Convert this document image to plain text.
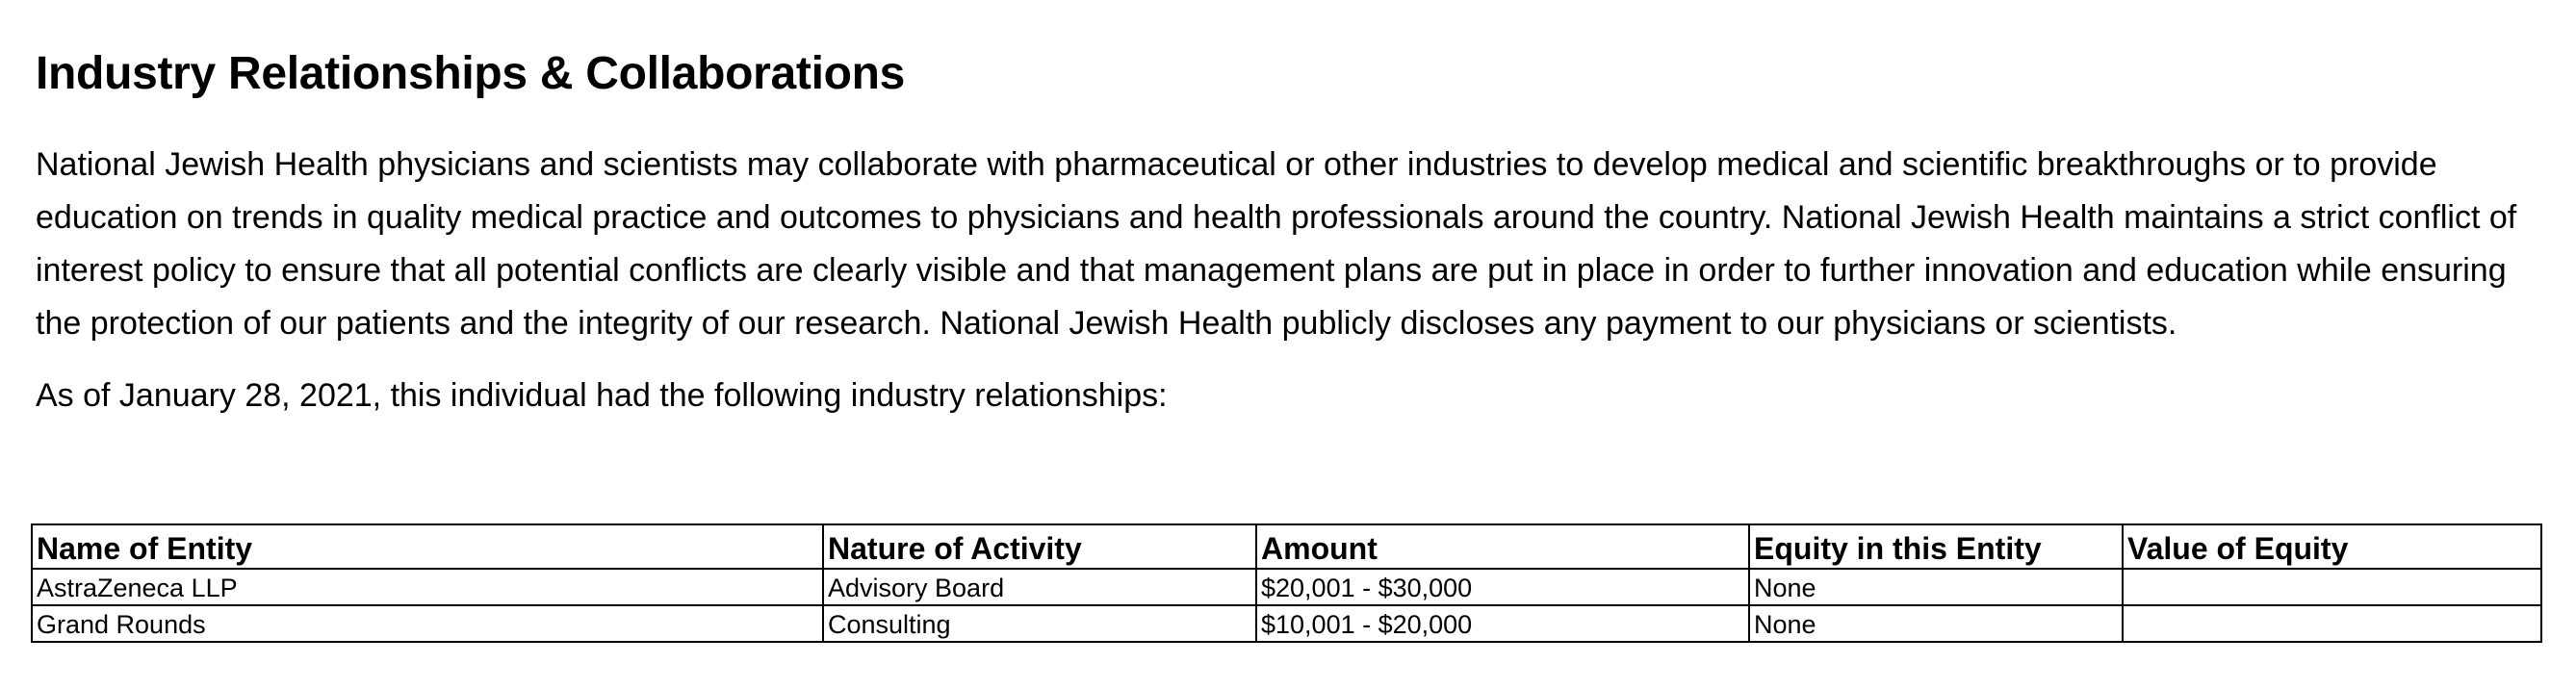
Industry Relationships & Collaborations

National Jewish Health physicians and scientists may collaborate with pharmaceutical or other industries to develop medical and scientific breakthroughs or to provide education on trends in quality medical practice and outcomes to physicians and health professionals around the country. National Jewish Health maintains a strict conflict of interest policy to ensure that all potential conflicts are clearly visible and that management plans are put in place in order to further innovation and education while ensuring the protection of our patients and the integrity of our research. National Jewish Health publicly discloses any payment to our physicians or scientists.

As of January 28, 2021, this individual had the following industry relationships:

Name of Entity	Nature of Activity	Amount	Equity in this Entity	Value of Equity
AstraZeneca LLP	Advisory Board	$20,001 - $30,000	None	
Grand Rounds	Consulting	$10,001 - $20,000	None	
